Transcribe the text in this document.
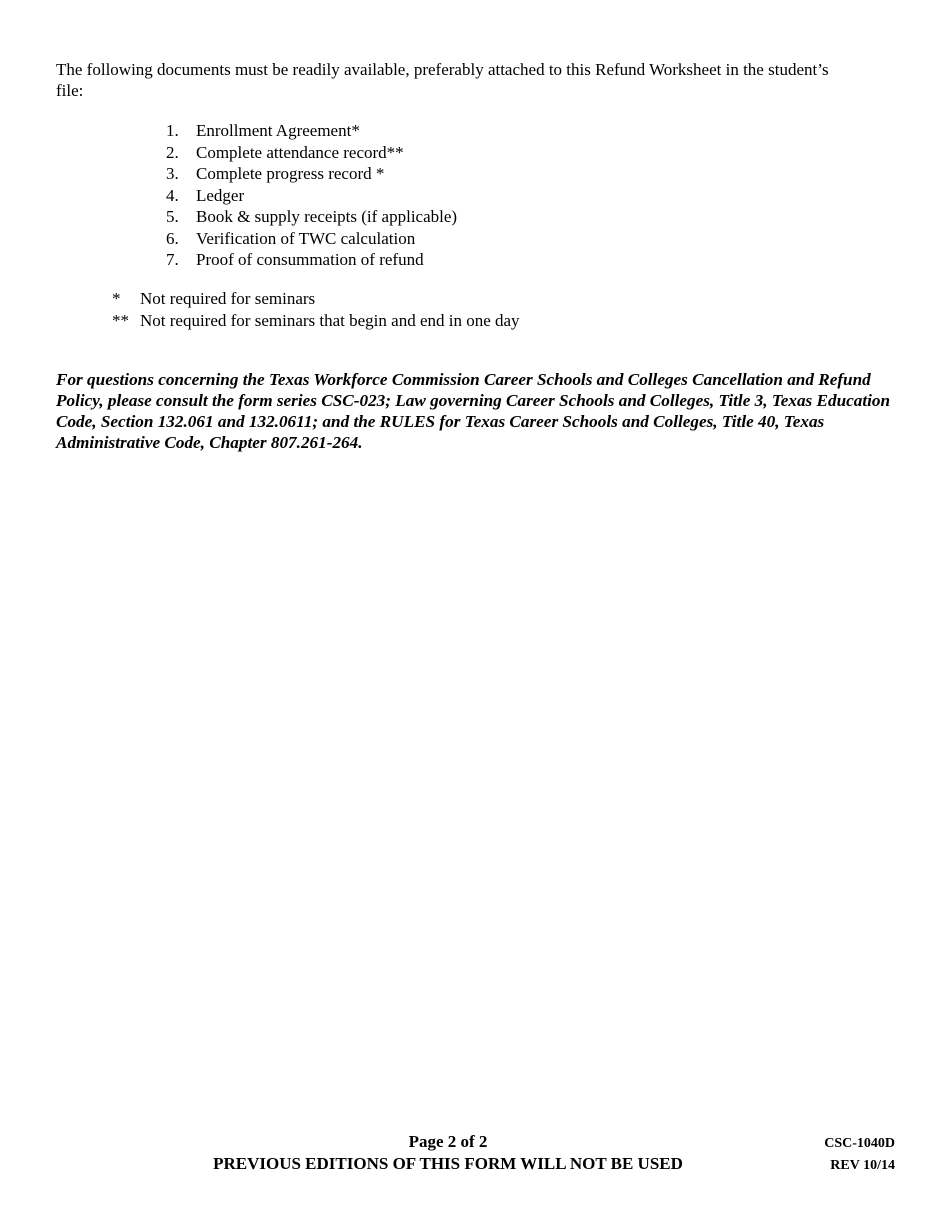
The following documents must be readily available, preferably attached to this Refund Worksheet in the student’s file:

1. Enrollment Agreement*
2. Complete attendance record**
3. Complete progress record *
4. Ledger
5. Book & supply receipts (if applicable)
6. Verification of TWC calculation
7. Proof of consummation of refund
* Not required for seminars
** Not required for seminars that begin and end in one day

For questions concerning the Texas Workforce Commission Career Schools and Colleges Cancellation and Refund Policy, please consult the form series CSC-023; Law governing Career Schools and Colleges, Title 3, Texas Education Code, Section 132.061 and 132.0611; and the RULES for Texas Career Schools and Colleges, Title 40, Texas Administrative Code, Chapter 807.261-264.

Page 2 of 2
PREVIOUS EDITIONS OF THIS FORM WILL NOT BE USED
CSC-1040D
REV 10/14
